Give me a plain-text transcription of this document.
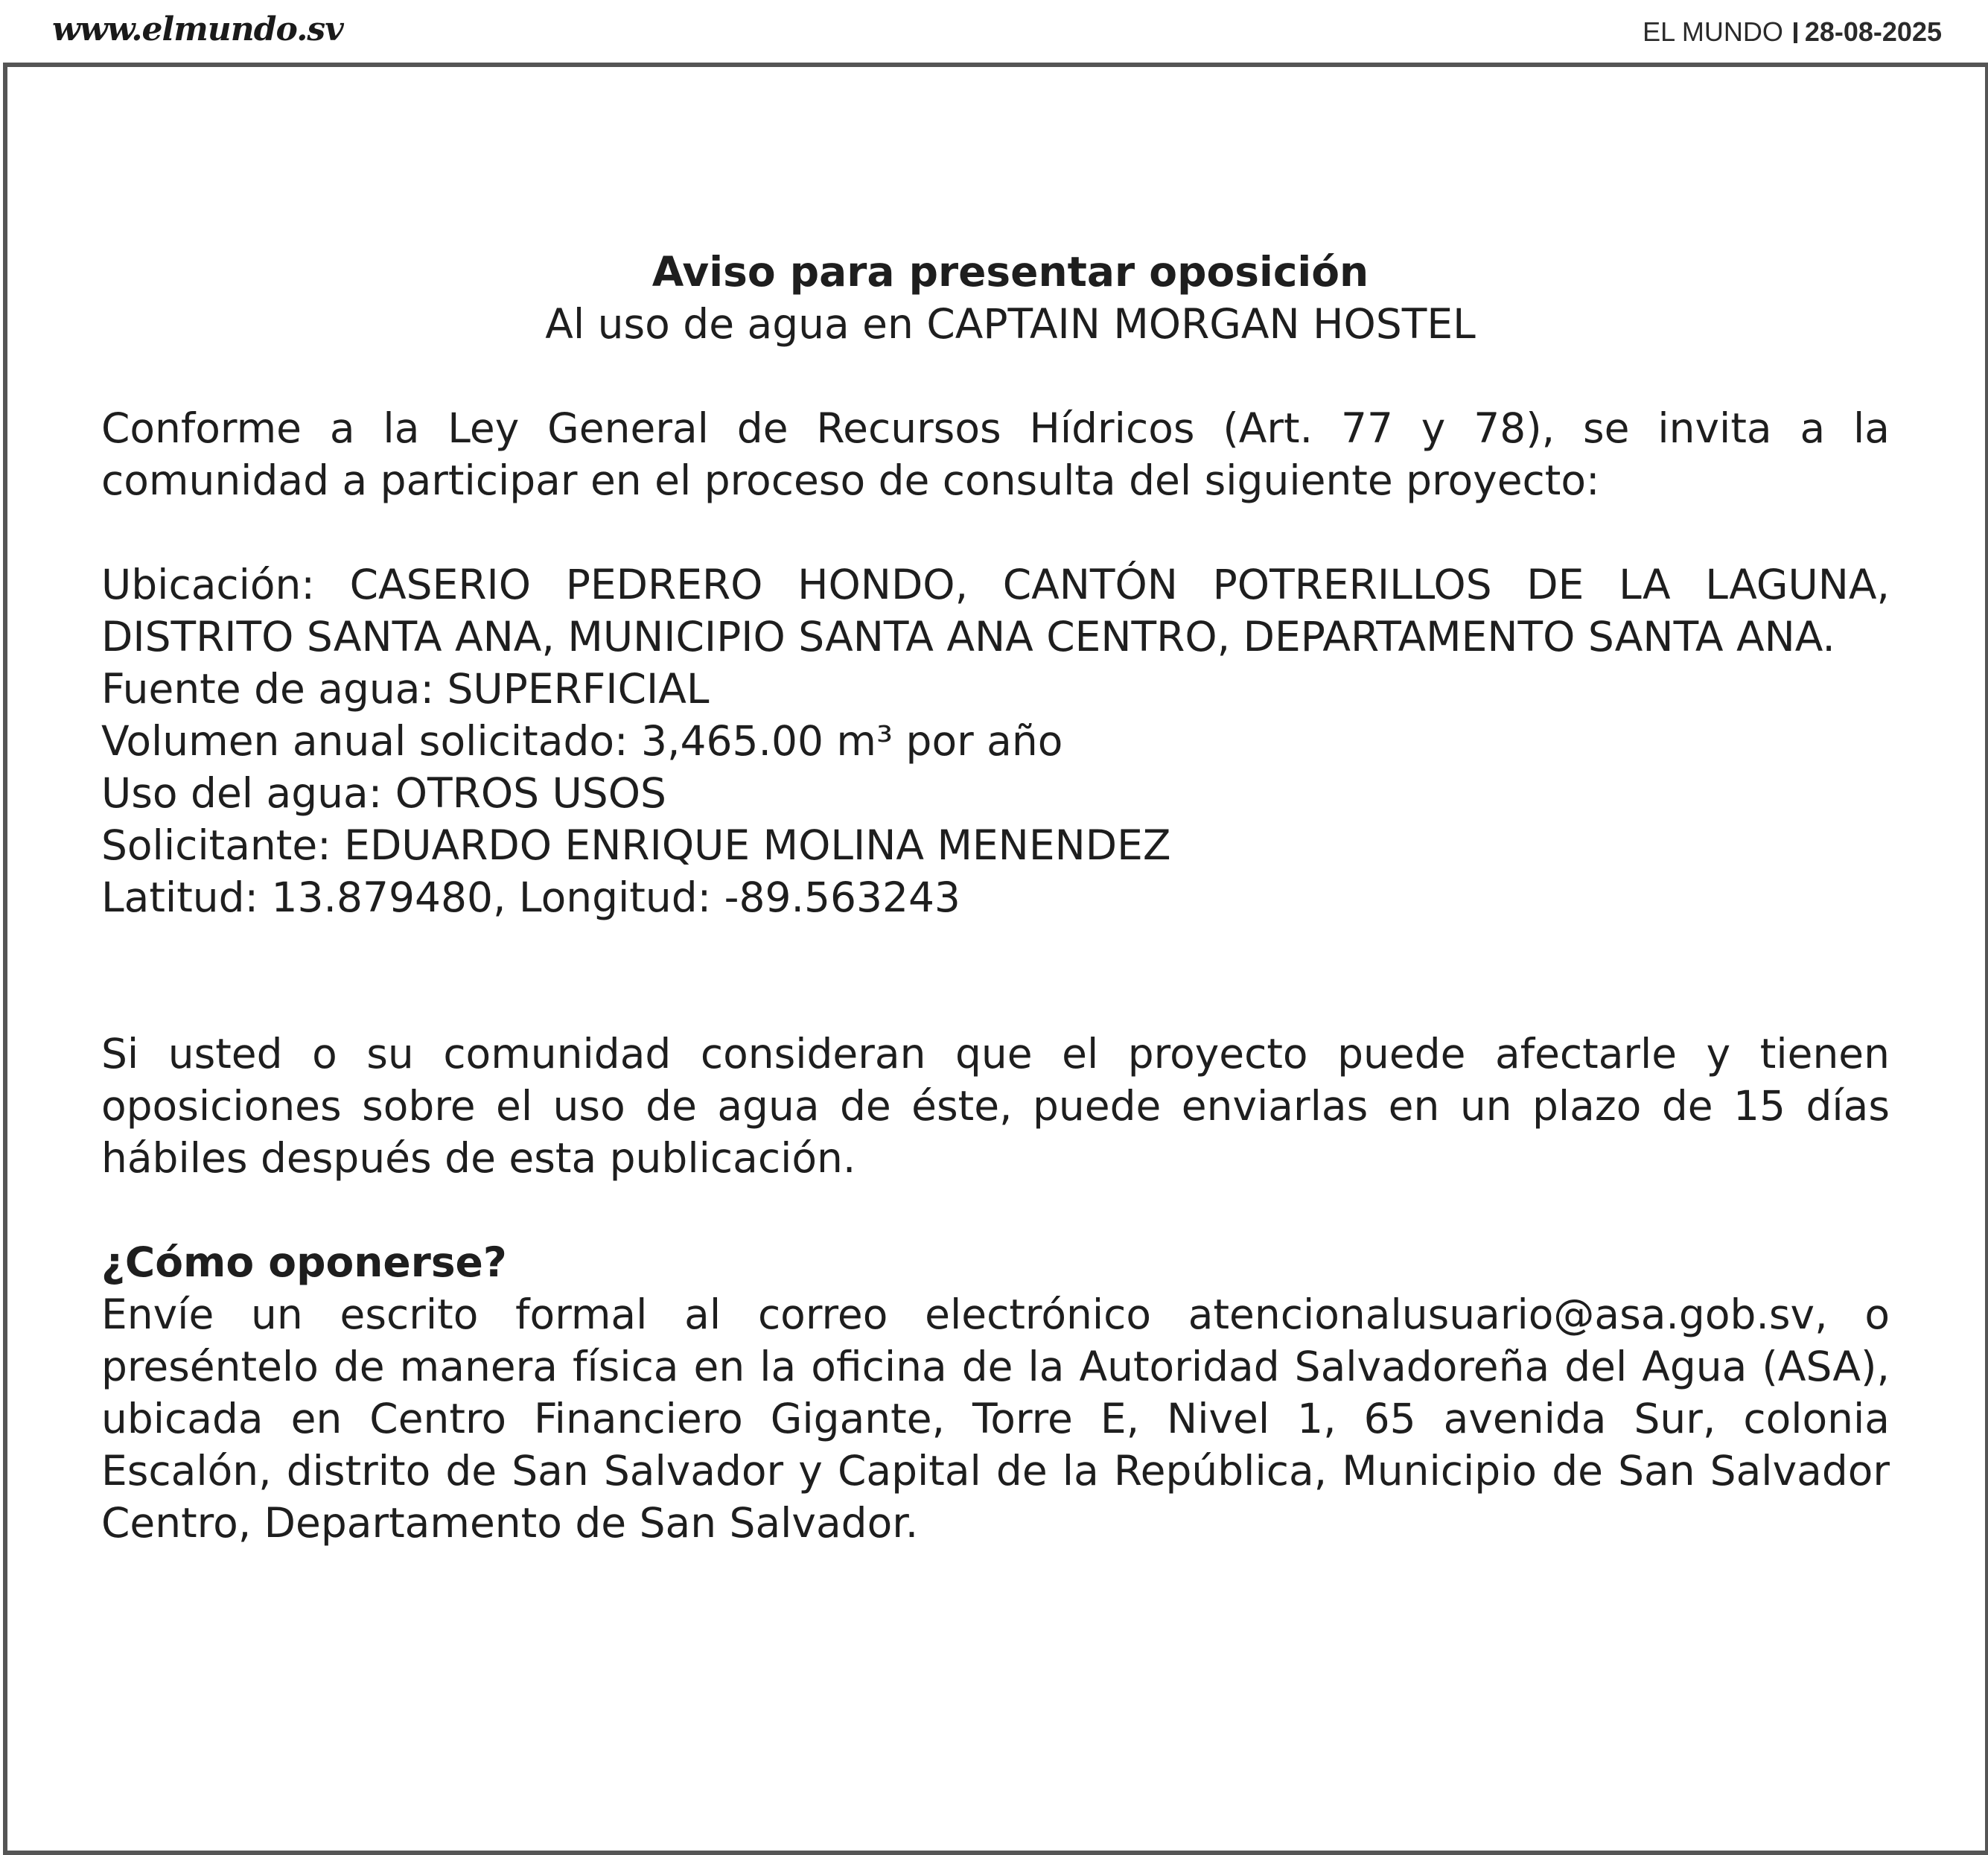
www.elmundo.sv	EL MUNDO 28-08-2025

Aviso para presentar oposición

Al uso de agua en CAPTAIN MORGAN HOSTEL

Conforme a la Ley General de Recursos Hídricos (Art. 77 y 78), se invita a la comunidad a participar en el proceso de consulta del siguiente proyecto:

Ubicación: CASERIO PEDRERO HONDO, CANTÓN POTRERILLOS DE LA LAGUNA, DISTRITO SANTA ANA, MUNICIPIO SANTA ANA CENTRO, DEPARTAMENTO SANTA ANA.

Fuente de agua: SUPERFICIAL

Volumen anual solicitado: 3,465.00 m³ por año

Uso del agua: OTROS USOS

Solicitante: EDUARDO ENRIQUE MOLINA MENENDEZ

Latitud: 13.879480, Longitud: -89.563243

Si usted o su comunidad consideran que el proyecto puede afectarle y tienen oposiciones sobre el uso de agua de éste, puede enviarlas en un plazo de 15 días hábiles después de esta publicación.

¿Cómo oponerse?

Envíe un escrito formal al correo electrónico atencionalusuario@asa.gob.sv, o preséntelo de manera física en la oficina de la Autoridad Salvadoreña del Agua (ASA), ubicada en Centro Financiero Gigante, Torre E, Nivel 1, 65 avenida Sur, colonia Escalón, distrito de San Salvador y Capital de la República, Municipio de San Salvador Centro, Departamento de San Salvador.
